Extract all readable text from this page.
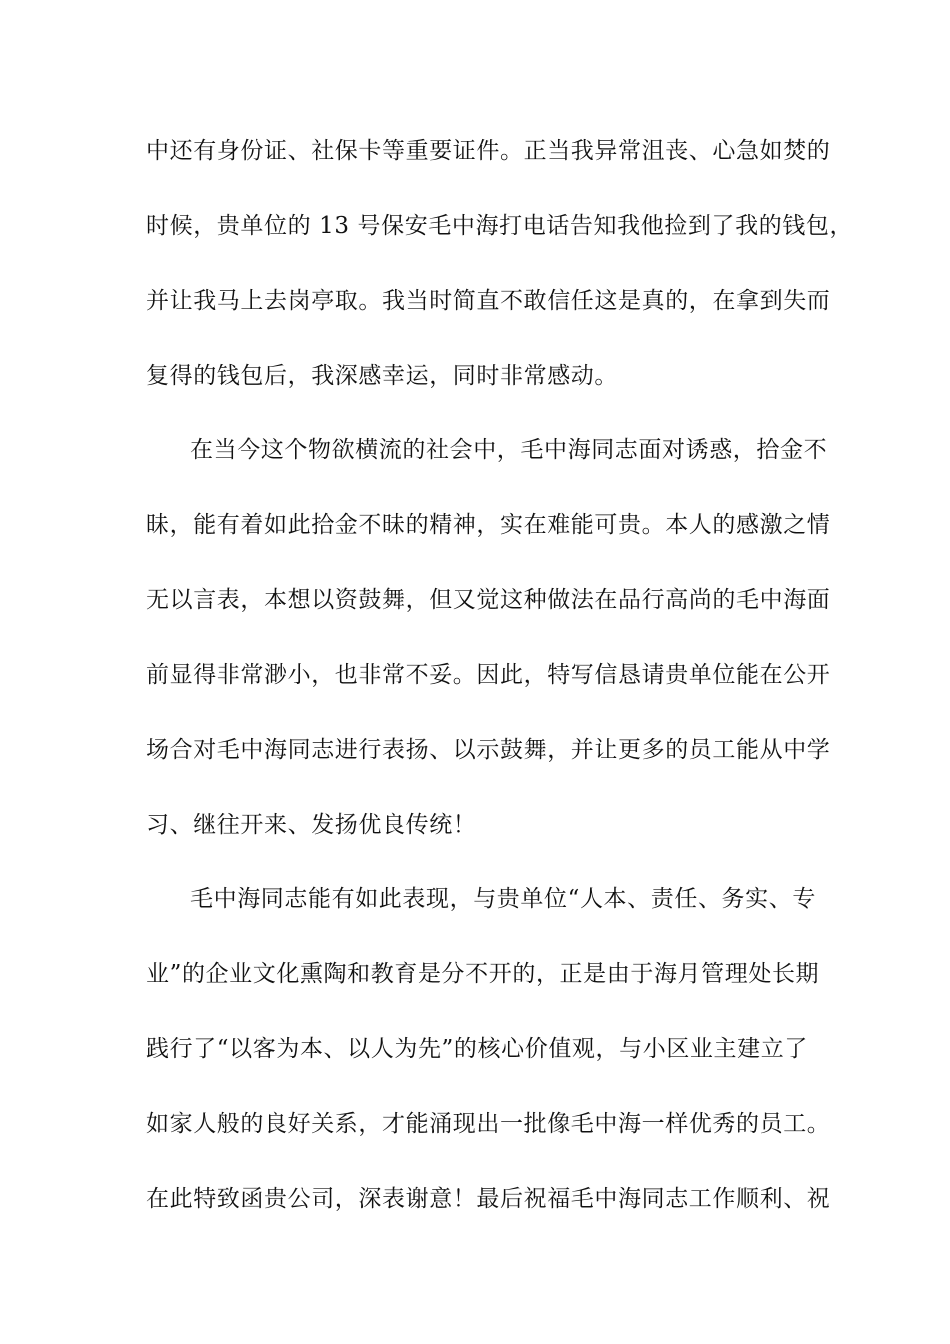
中还有身份证、社保卡等重要证件。正当我异常沮丧、心急如焚的
时候，贵单位的 13 号保安毛中海打电话告知我他捡到了我的钱包，
并让我马上去岗亭取。我当时简直不敢信任这是真的，在拿到失而
复得的钱包后，我深感幸运，同时非常感动。
在当今这个物欲横流的社会中，毛中海同志面对诱惑，拾金不
昧，能有着如此拾金不昧的精神，实在难能可贵。本人的感激之情
无以言表，本想以资鼓舞，但又觉这种做法在品行高尚的毛中海面
前显得非常渺小，也非常不妥。因此，特写信恳请贵单位能在公开
场合对毛中海同志进行表扬、以示鼓舞，并让更多的员工能从中学
习、继往开来、发扬优良传统！
毛中海同志能有如此表现，与贵单位“人本、责任、务实、专
业”的企业文化熏陶和教育是分不开的，正是由于海月管理处长期
践行了“以客为本、以人为先”的核心价值观，与小区业主建立了
如家人般的良好关系，才能涌现出一批像毛中海一样优秀的员工。
在此特致函贵公司，深表谢意！最后祝福毛中海同志工作顺利、祝
